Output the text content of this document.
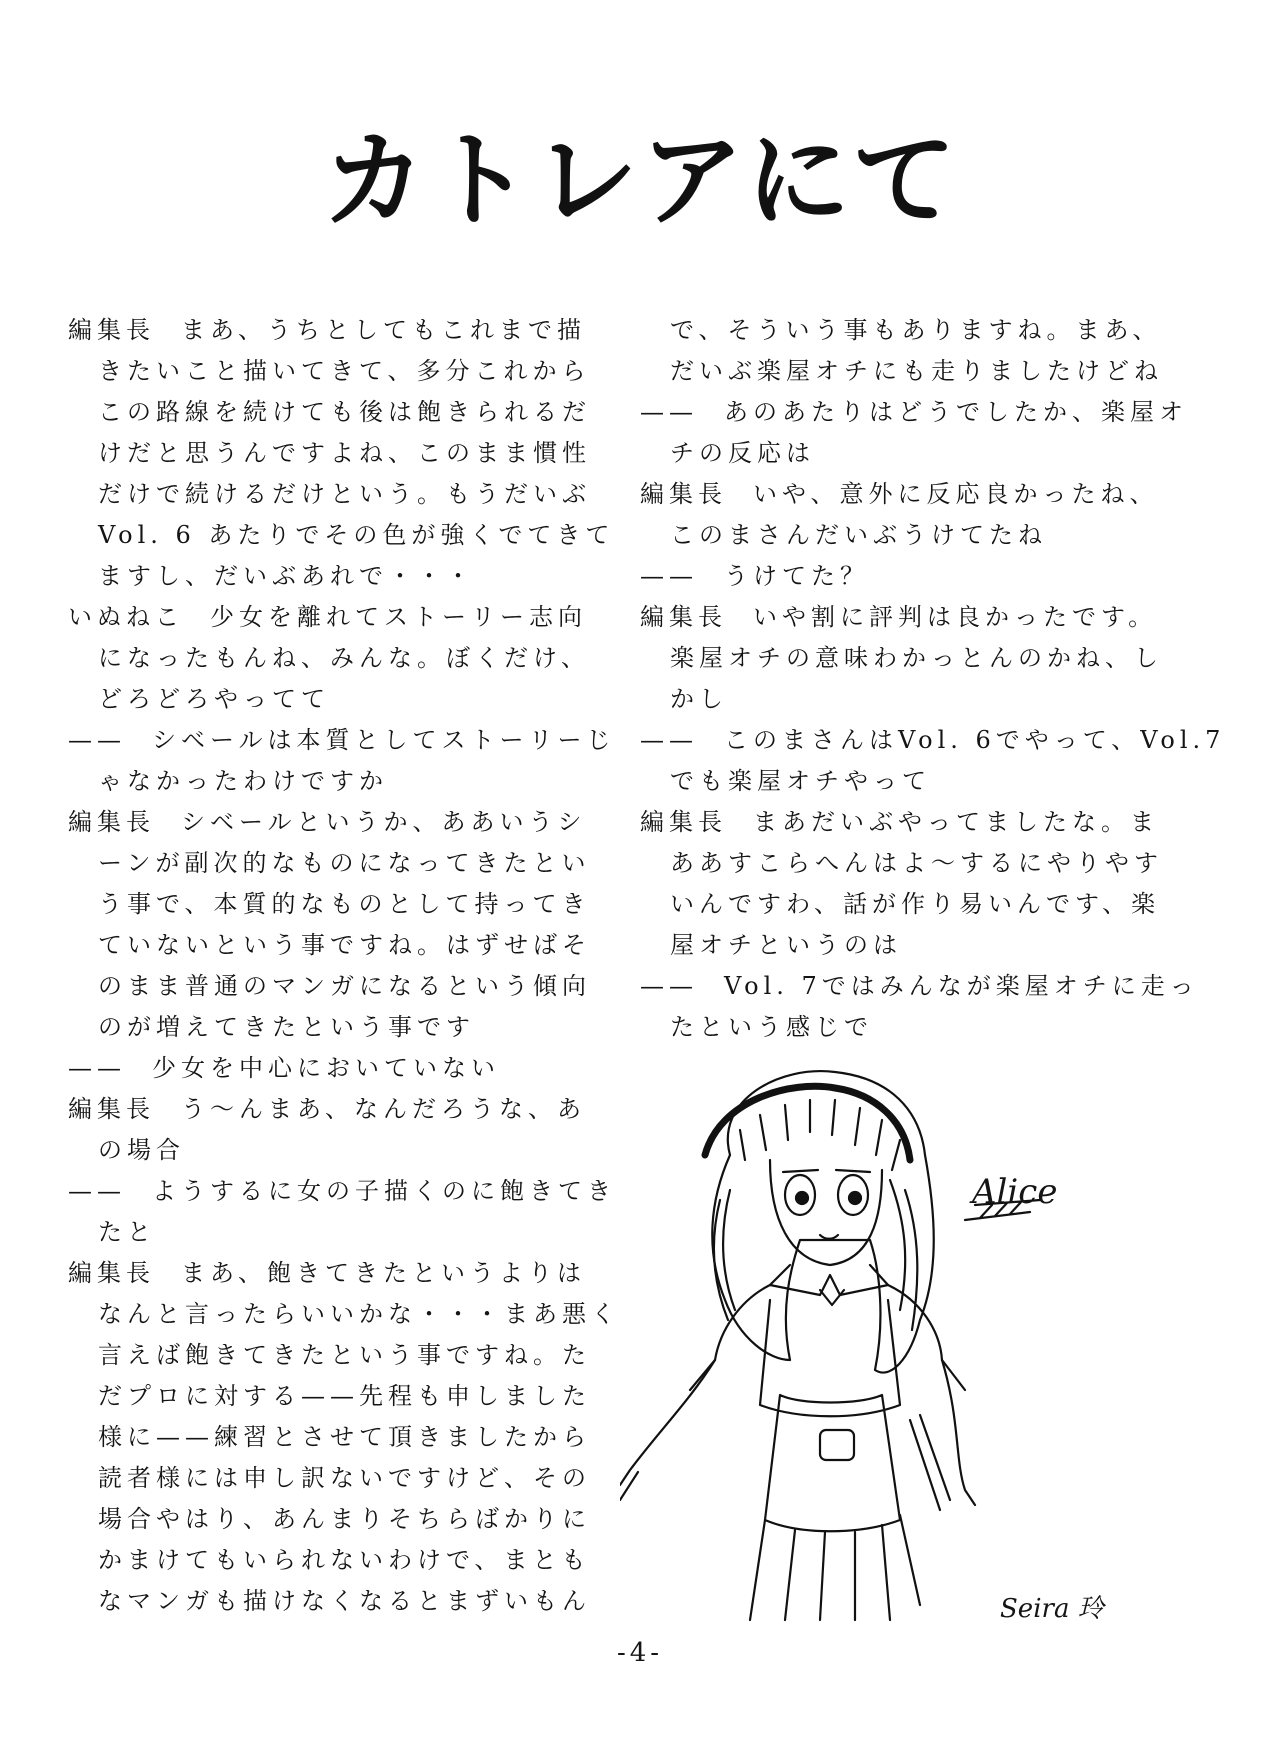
カトレアにて
編集長 まあ、うちとしてもこれまで描
きたいこと描いてきて、多分これから
この路線を続けても後は飽きられるだ
けだと思うんですよね、このまま慣性
だけで続けるだけという。もうだいぶ
Vol. 6 あたりでその色が強くでてきて
ますし、だいぶあれで・・・
いぬねこ 少女を離れてストーリー志向
になったもんね、みんな。ぼくだけ、
どろどろやってて
—— シベールは本質としてストーリーじ
ゃなかったわけですか
編集長 シベールというか、ああいうシ
ーンが副次的なものになってきたとい
う事で、本質的なものとして持ってき
ていないという事ですね。はずせばそ
のまま普通のマンガになるという傾向
のが増えてきたという事です
—— 少女を中心においていない
編集長 う～んまあ、なんだろうな、あ
の場合
—— ようするに女の子描くのに飽きてき
たと
編集長 まあ、飽きてきたというよりは
なんと言ったらいいかな・・・まあ悪く
言えば飽きてきたという事ですね。た
だプロに対する——先程も申しました
様に——練習とさせて頂きましたから
読者様には申し訳ないですけど、その
場合やはり、あんまりそちらばかりに
かまけてもいられないわけで、まとも
なマンガも描けなくなるとまずいもん
で、そういう事もありますね。まあ、
だいぶ楽屋オチにも走りましたけどね
—— あのあたりはどうでしたか、楽屋オ
チの反応は
編集長 いや、意外に反応良かったね、
このまさんだいぶうけてたね
—— うけてた？
編集長 いや割に評判は良かったです。
楽屋オチの意味わかっとんのかね、し
かし
—— このまさんはVol. 6でやって、Vol.7
でも楽屋オチやって
編集長 まあだいぶやってましたな。ま
ああすこらへんはよ～するにやりやす
いんですわ、話が作り易いんです、楽
屋オチというのは
—— Vol. 7ではみんなが楽屋オチに走っ
たという感じで
Alice
Seira 玲
-4-
